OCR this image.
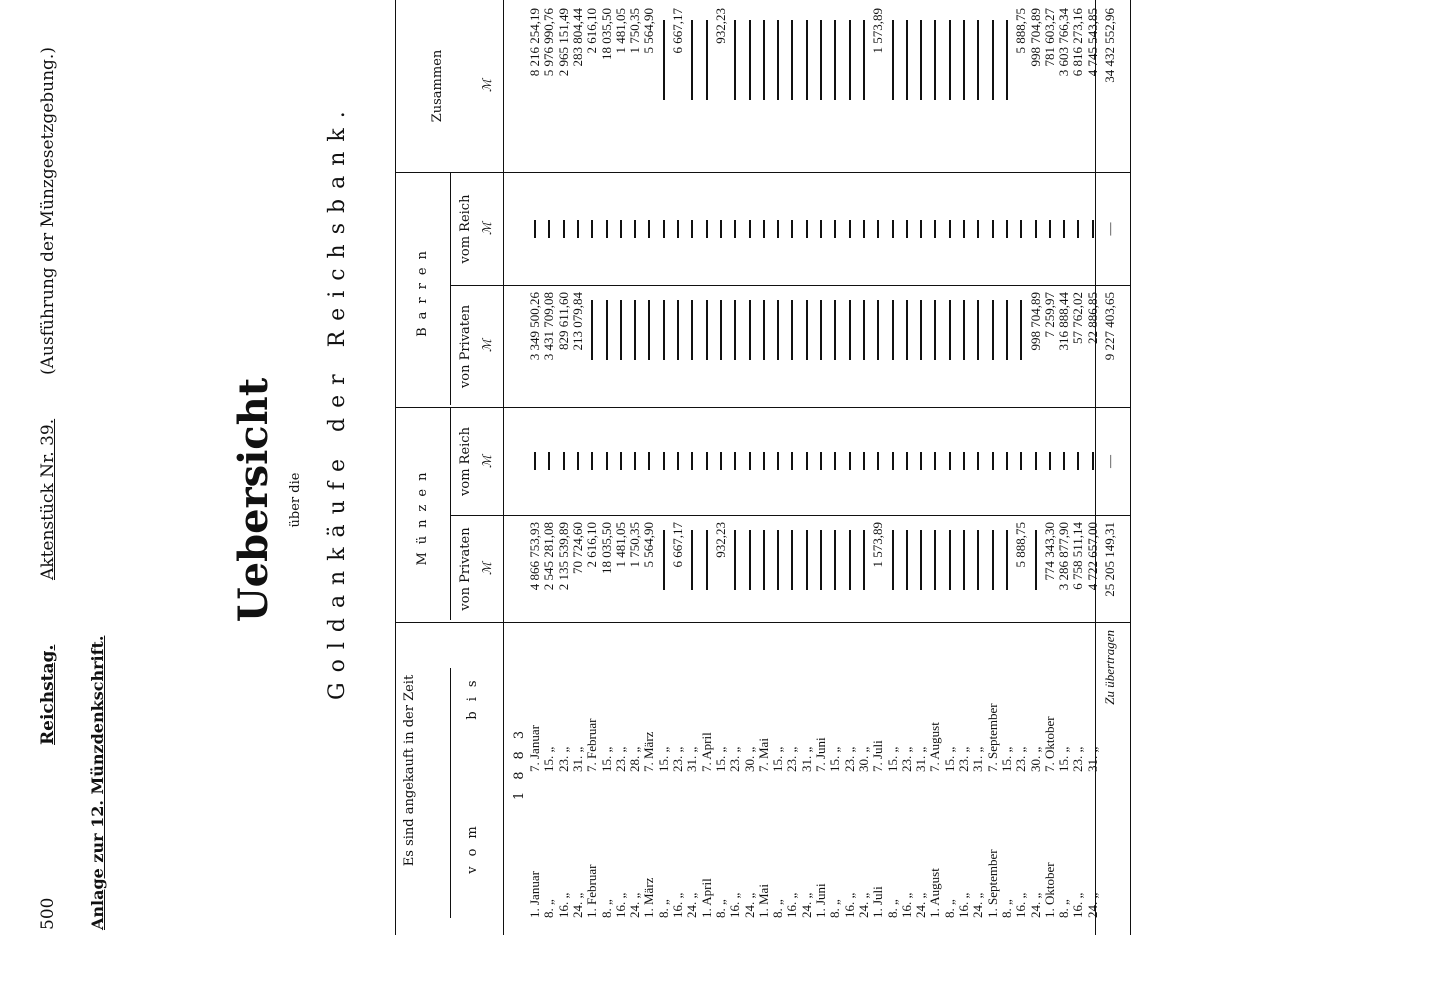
500
Reichstag.
Aktenstück Nr. 39.
(Ausführung der Münzgesetzgebung.)
Anlage zur 12. Münzdenkschrift.
Uebersicht über die Goldankäufe der Reichsbank.
Es sind angekauft in der Zeit	vom
bis
Münzen
Barren
Zusammen
von Privaten
vom Reich
von Privaten
vom Reich
ℳ
ℳ
ℳ
ℳ
ℳ
1883
1. Januar
7. Januar
4 866 753,93
3 349 500,26
8 216 254,19
8. „
15. „
2 545 281,08
3 431 709,08
5 976 990,76
16. „
23. „
2 135 539,89
829 611,60
2 965 151,49
24. „
31. „
70 724,60
213 079,84
283 804,44
1. Februar
7. Februar
2 616,10
2 616,10
8. „
15. „
18 035,50
18 035,50
16. „
23. „
1 481,05
1 481,05
24. „
28. „
1 750,35
1 750,35
1. März
7. März
5 564,90
5 564,90
8. „
15. „
16. „
23. „
6 667,17
6 667,17
24. „
31. „
1. April
7. April
8. „
15. „
932,23
932,23
16. „
23. „
24. „
30. „
1. Mai
7. Mai
8. „
15. „
16. „
23. „
24. „
31. „
1. Juni
7. Juni
8. „
15. „
16. „
23. „
24. „
30. „
1. Juli
7. Juli
1 573,89
1 573,89
8. „
15. „
16. „
23. „
24. „
31. „
1. August
7. August
8. „
15. „
16. „
23. „
24. „
31. „
1. September
7. September
8. „
15. „
16. „
23. „
5 888,75
5 888,75
24. „
30. „
998 704,89
998 704,89
1. Oktober
7. Oktober
774 343,30
7 259,97
781 603,27
8. „
15. „
3 286 877,90
316 888,44
3 603 766,34
16. „
23. „
6 758 511,14
57 762,02
6 816 273,16
24. „
31. „
4 722 657,00
22 886,85
4 745 543,85
Zu übertragen
25 205 149,31
—
9 227 403,65
—
34 432 552,96
